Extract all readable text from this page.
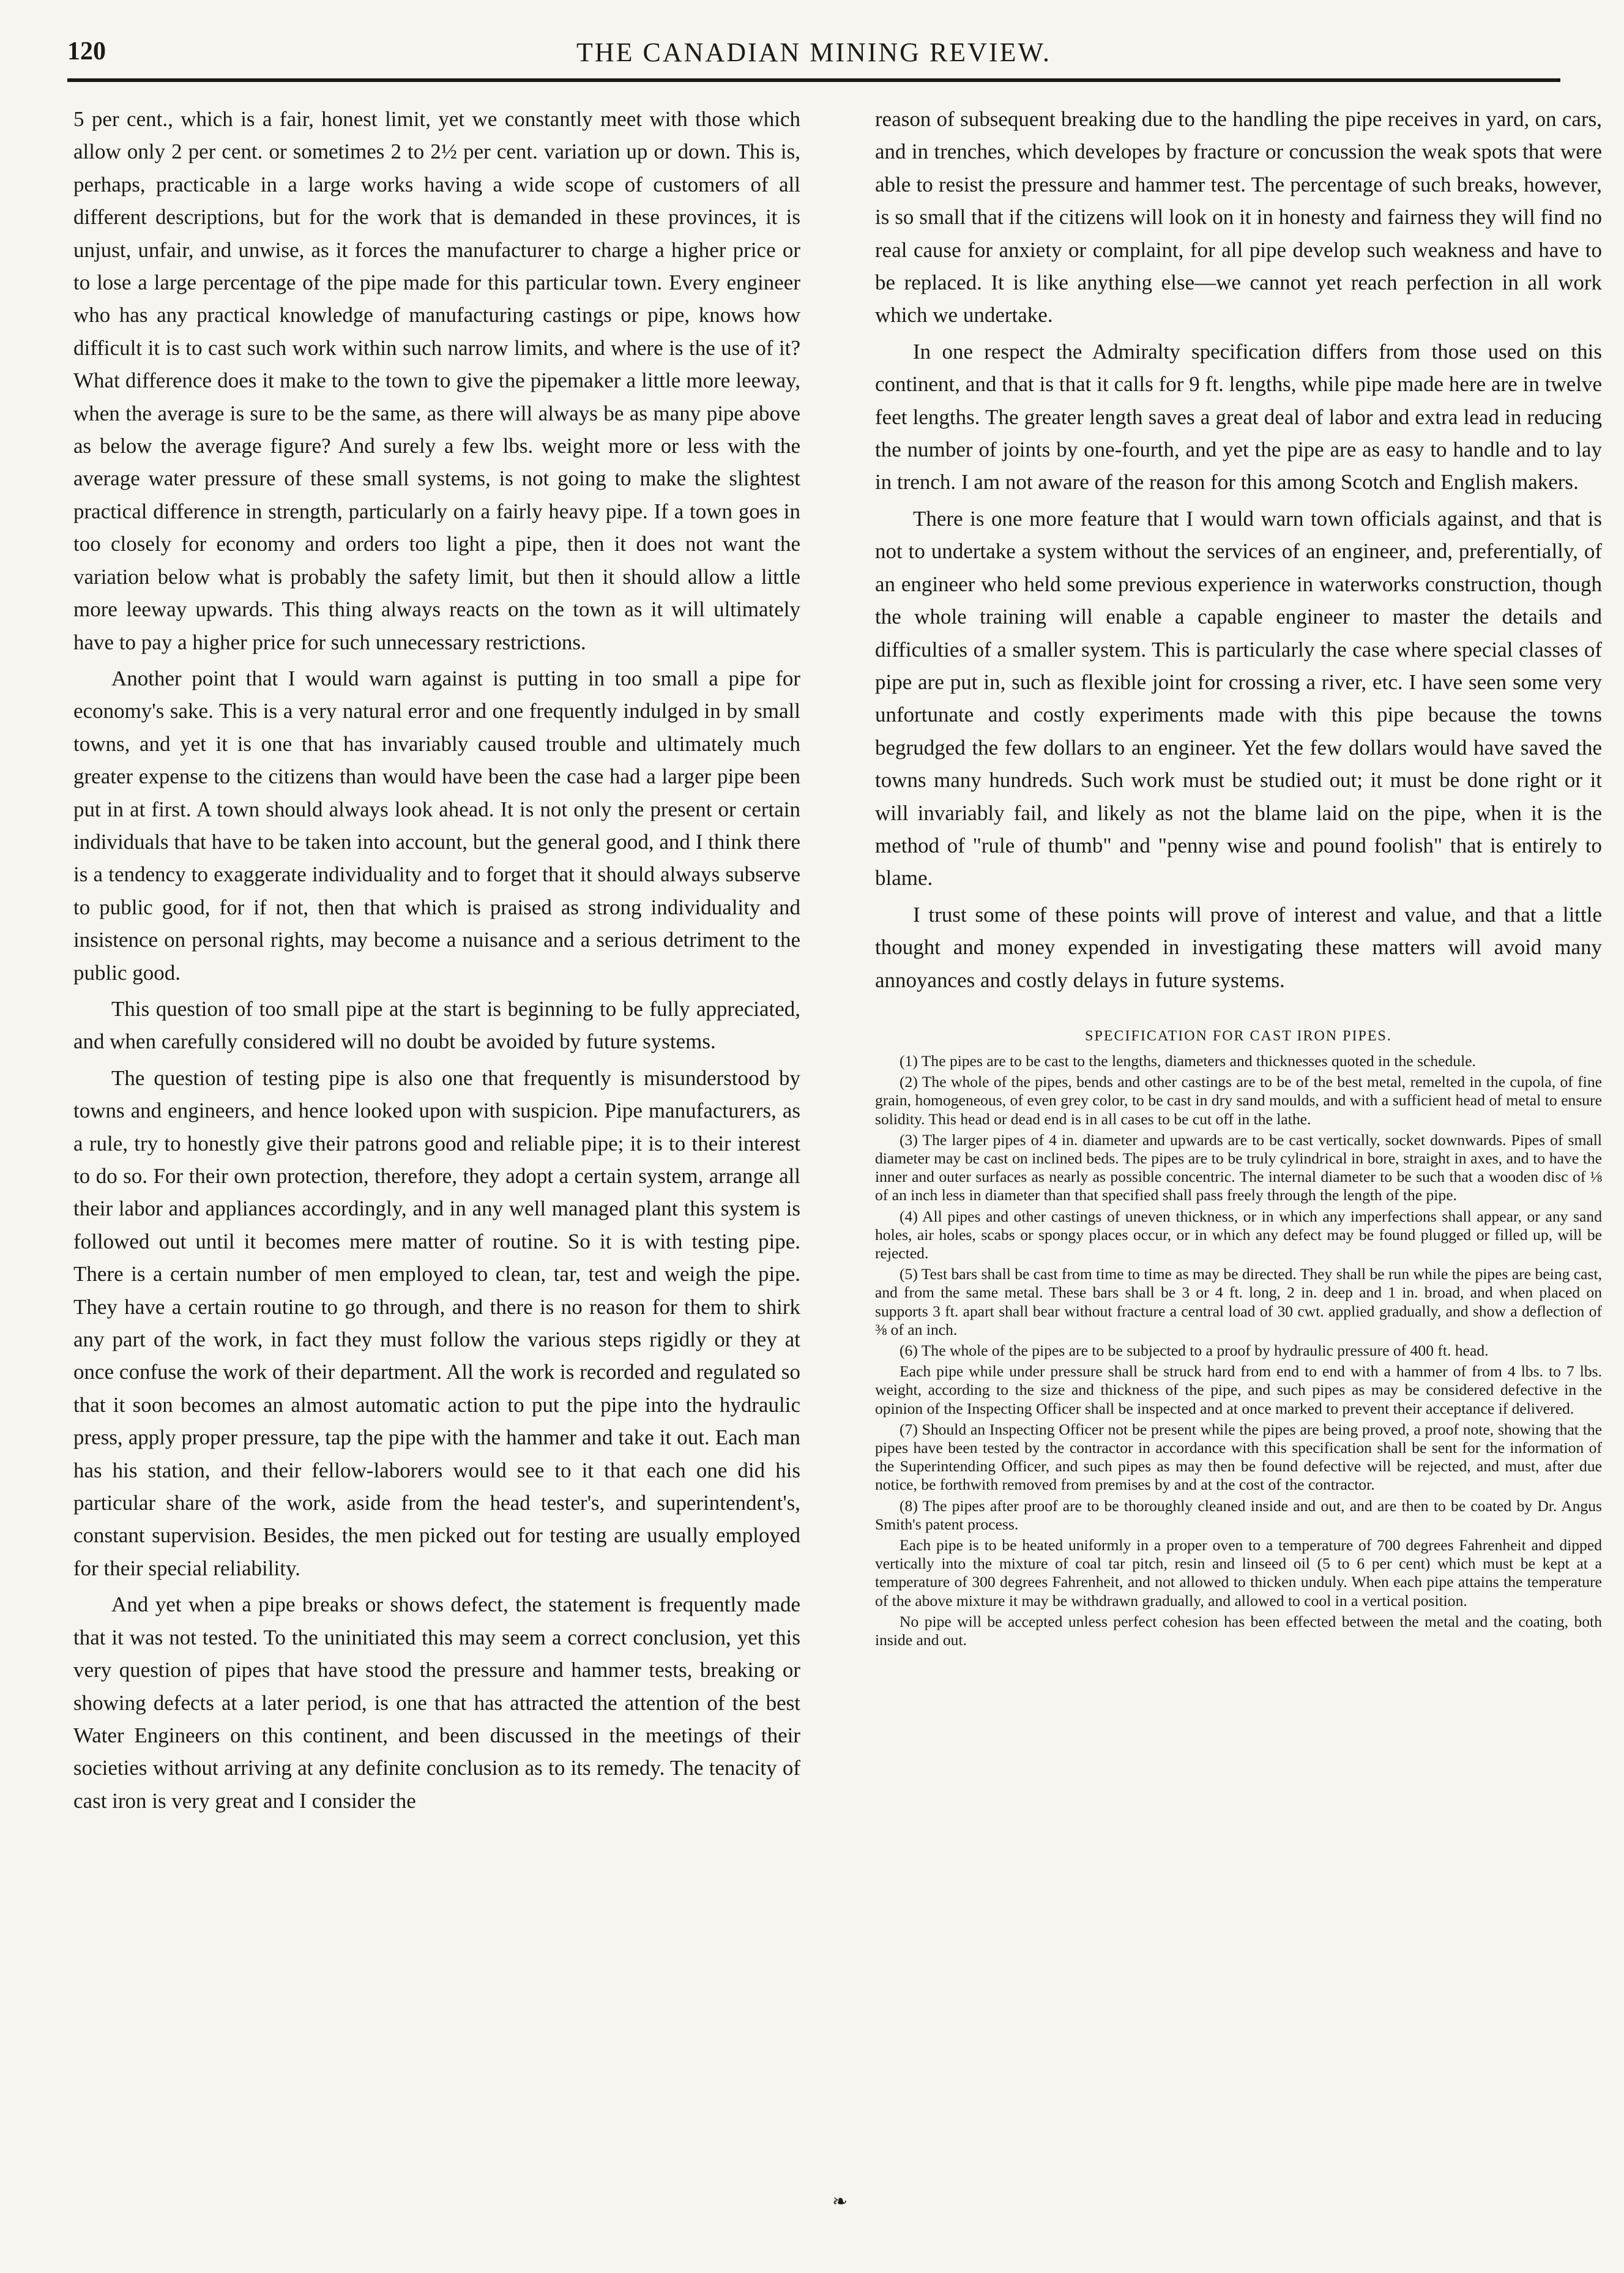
120	THE CANADIAN MINING REVIEW.

5 per cent., which is a fair, honest limit, yet we constantly meet with those which allow only 2 per cent. or sometimes 2 to 2½ per cent. variation up or down. This is, perhaps, practicable in a large works having a wide scope of customers of all different descriptions, but for the work that is demanded in these provinces, it is unjust, unfair, and unwise, as it forces the manufacturer to charge a higher price or to lose a large percentage of the pipe made for this particular town. Every engineer who has any practical knowledge of manufacturing castings or pipe, knows how difficult it is to cast such work within such narrow limits, and where is the use of it? What difference does it make to the town to give the pipemaker a little more leeway, when the average is sure to be the same, as there will always be as many pipe above as below the average figure? And surely a few lbs. weight more or less with the average water pressure of these small systems, is not going to make the slightest practical difference in strength, particularly on a fairly heavy pipe. If a town goes in too closely for economy and orders too light a pipe, then it does not want the variation below what is probably the safety limit, but then it should allow a little more leeway upwards. This thing always reacts on the town as it will ultimately have to pay a higher price for such unnecessary restrictions.

Another point that I would warn against is putting in too small a pipe for economy's sake. This is a very natural error and one frequently indulged in by small towns, and yet it is one that has invariably caused trouble and ultimately much greater expense to the citizens than would have been the case had a larger pipe been put in at first. A town should always look ahead. It is not only the present or certain individuals that have to be taken into account, but the general good, and I think there is a tendency to exaggerate individuality and to forget that it should always subserve to public good, for if not, then that which is praised as strong individuality and insistence on personal rights, may become a nuisance and a serious detriment to the public good.

This question of too small pipe at the start is beginning to be fully appreciated, and when carefully considered will no doubt be avoided by future systems.

The question of testing pipe is also one that frequently is misunderstood by towns and engineers, and hence looked upon with suspicion. Pipe manufacturers, as a rule, try to honestly give their patrons good and reliable pipe; it is to their interest to do so. For their own protection, therefore, they adopt a certain system, arrange all their labor and appliances accordingly, and in any well managed plant this system is followed out until it becomes mere matter of routine. So it is with testing pipe. There is a certain number of men employed to clean, tar, test and weigh the pipe. They have a certain routine to go through, and there is no reason for them to shirk any part of the work, in fact they must follow the various steps rigidly or they at once confuse the work of their department. All the work is recorded and regulated so that it soon becomes an almost automatic action to put the pipe into the hydraulic press, apply proper pressure, tap the pipe with the hammer and take it out. Each man has his station, and their fellow-laborers would see to it that each one did his particular share of the work, aside from the head tester's, and superintendent's, constant supervision. Besides, the men picked out for testing are usually employed for their special reliability.

And yet when a pipe breaks or shows defect, the statement is frequently made that it was not tested. To the uninitiated this may seem a correct conclusion, yet this very question of pipes that have stood the pressure and hammer tests, breaking or showing defects at a later period, is one that has attracted the attention of the best Water Engineers on this continent, and been discussed in the meetings of their societies without arriving at any definite conclusion as to its remedy. The tenacity of cast iron is very great and I consider the

reason of subsequent breaking due to the handling the pipe receives in yard, on cars, and in trenches, which developes by fracture or concussion the weak spots that were able to resist the pressure and hammer test. The percentage of such breaks, however, is so small that if the citizens will look on it in honesty and fairness they will find no real cause for anxiety or complaint, for all pipe develop such weakness and have to be replaced. It is like anything else—we cannot yet reach perfection in all work which we undertake.

In one respect the Admiralty specification differs from those used on this continent, and that is that it calls for 9 ft. lengths, while pipe made here are in twelve feet lengths. The greater length saves a great deal of labor and extra lead in reducing the number of joints by one-fourth, and yet the pipe are as easy to handle and to lay in trench. I am not aware of the reason for this among Scotch and English makers.

There is one more feature that I would warn town officials against, and that is not to undertake a system without the services of an engineer, and, preferentially, of an engineer who held some previous experience in waterworks construction, though the whole training will enable a capable engineer to master the details and difficulties of a smaller system. This is particularly the case where special classes of pipe are put in, such as flexible joint for crossing a river, etc. I have seen some very unfortunate and costly experiments made with this pipe because the towns begrudged the few dollars to an engineer. Yet the few dollars would have saved the towns many hundreds. Such work must be studied out; it must be done right or it will invariably fail, and likely as not the blame laid on the pipe, when it is the method of "rule of thumb" and "penny wise and pound foolish" that is entirely to blame.

I trust some of these points will prove of interest and value, and that a little thought and money expended in investigating these matters will avoid many annoyances and costly delays in future systems.

SPECIFICATION FOR CAST IRON PIPES.

(1) The pipes are to be cast to the lengths, diameters and thicknesses quoted in the schedule.

(2) The whole of the pipes, bends and other castings are to be of the best metal, remelted in the cupola, of fine grain, homogeneous, of even grey color, to be cast in dry sand moulds, and with a sufficient head of metal to ensure solidity. This head or dead end is in all cases to be cut off in the lathe.

(3) The larger pipes of 4 in. diameter and upwards are to be cast vertically, socket downwards. Pipes of small diameter may be cast on inclined beds. The pipes are to be truly cylindrical in bore, straight in axes, and to have the inner and outer surfaces as nearly as possible concentric. The internal diameter to be such that a wooden disc of ⅛ of an inch less in diameter than that specified shall pass freely through the length of the pipe.

(4) All pipes and other castings of uneven thickness, or in which any imperfections shall appear, or any sand holes, air holes, scabs or spongy places occur, or in which any defect may be found plugged or filled up, will be rejected.

(5) Test bars shall be cast from time to time as may be directed. They shall be run while the pipes are being cast, and from the same metal. These bars shall be 3 or 4 ft. long, 2 in. deep and 1 in. broad, and when placed on supports 3 ft. apart shall bear without fracture a central load of 30 cwt. applied gradually, and show a deflection of ⅜ of an inch.

(6) The whole of the pipes are to be subjected to a proof by hydraulic pressure of 400 ft. head.

Each pipe while under pressure shall be struck hard from end to end with a hammer of from 4 lbs. to 7 lbs. weight, according to the size and thickness of the pipe, and such pipes as may be considered defective in the opinion of the Inspecting Officer shall be inspected and at once marked to prevent their acceptance if delivered.

(7) Should an Inspecting Officer not be present while the pipes are being proved, a proof note, showing that the pipes have been tested by the contractor in accordance with this specification shall be sent for the information of the Superintending Officer, and such pipes as may then be found defective will be rejected, and must, after due notice, be forthwith removed from premises by and at the cost of the contractor.

(8) The pipes after proof are to be thoroughly cleaned inside and out, and are then to be coated by Dr. Angus Smith's patent process.

Each pipe is to be heated uniformly in a proper oven to a temperature of 700 degrees Fahrenheit and dipped vertically into the mixture of coal tar pitch, resin and linseed oil (5 to 6 per cent) which must be kept at a temperature of 300 degrees Fahrenheit, and not allowed to thicken unduly. When each pipe attains the temperature of the above mixture it may be withdrawn gradually, and allowed to cool in a vertical position.

No pipe will be accepted unless perfect cohesion has been effected between the metal and the coating, both inside and out.

❧
